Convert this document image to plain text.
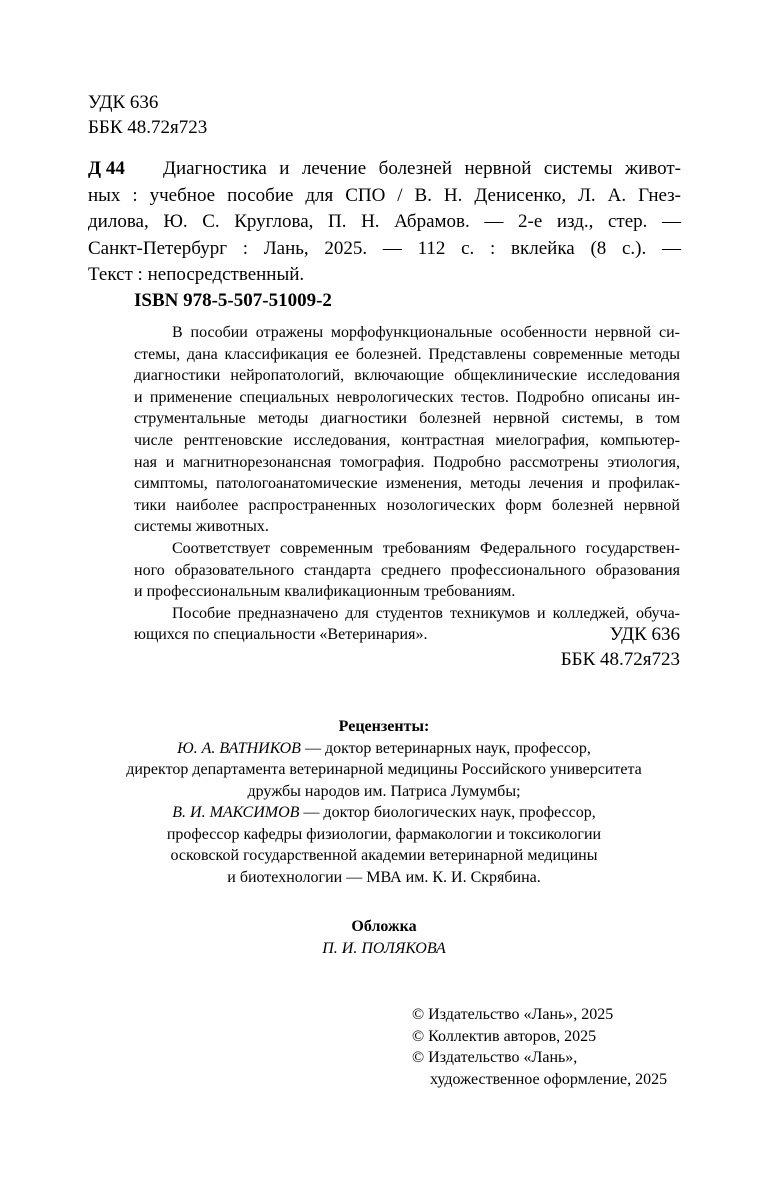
УДК 636
ББК 48.72я723
Д 44	Диагностика и лечение болезней нервной системы живот-
ных : учебное пособие для СПО / В. Н. Денисенко, Л. А. Гнез-
дилова, Ю. С. Круглова, П. Н. Абрамов. — 2-е изд., стер. —
Санкт-Петербург : Лань, 2025. — 112 с. : вклейка (8 с.). —
Текст : непосредственный.
ISBN 978-5-507-51009-2
В пособии отражены морфофункциональные особенности нервной си-
стемы, дана классификация ее болезней. Представлены современные методы
диагностики нейропатологий, включающие общеклинические исследования
и применение специальных неврологических тестов. Подробно описаны ин-
струментальные методы диагностики болезней нервной системы, в том
числе рентгеновские исследования, контрастная миелография, компьютер-
ная и магнитнорезонансная томография. Подробно рассмотрены этиология,
симптомы, патологоанатомические изменения, методы лечения и профилак-
тики наиболее распространенных нозологических форм болезней нервной
системы животных.
Соответствует современным требованиям Федерального государствен-
ного образовательного стандарта среднего профессионального образования
и профессиональным квалификационным требованиям.
Пособие предназначено для студентов техникумов и колледжей, обуча-
ющихся по специальности «Ветеринария».	УДК 636
ББК 48.72я723
Рецензенты:
Ю. А. ВАТНИКОВ — доктор ветеринарных наук, профессор,
директор департамента ветеринарной медицины Российского университета
дружбы народов им. Патриса Лумумбы;
В. И. МАКСИМОВ — доктор биологических наук, профессор,
профессор кафедры физиологии, фармакологии и токсикологии
осковской государственной академии ветеринарной медицины
и биотехнологии — МВА им. К. И. Скрябина.
Обложка
П. И. ПОЛЯКОВА
© Издательство «Лань», 2025
© Коллектив авторов, 2025
© Издательство «Лань»,
художественное оформление, 2025
